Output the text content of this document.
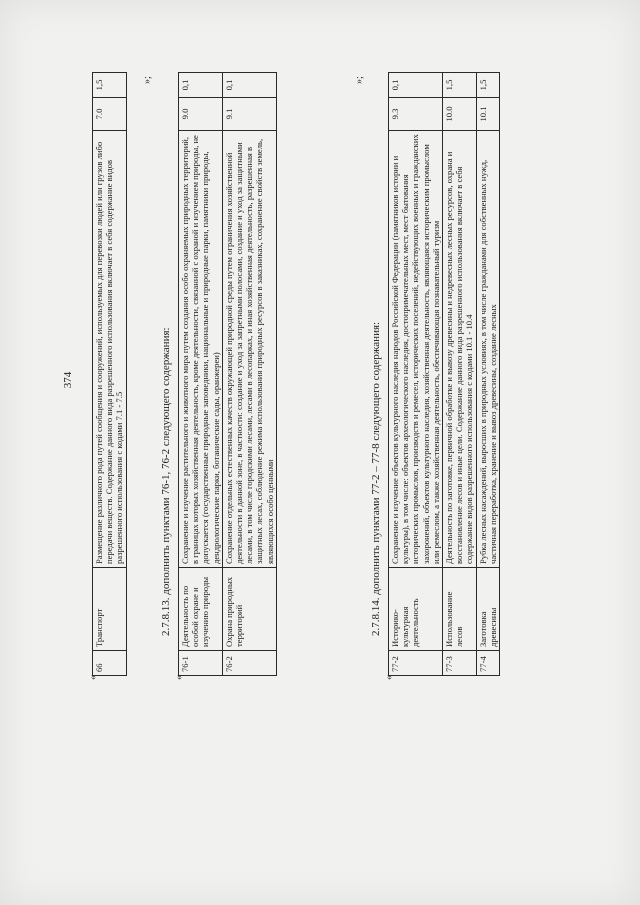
374
«
66	Транспорт	Размещение различного рода путей сообщения и сооружений, используемых для перевозки людей или грузов либо передачи веществ. Содержание данного вида разрешенного использования включает в себя содержание видов разрешенного использования с кодами 7.1 - 7.5	7.0	1,5	»;
2.7.8.13. дополнить пунктами 76-1, 76-2 следующего содержания:
«
76-1	Деятельность по особой охране и изучению природы	Сохранение и изучение растительного и животного мира путем создания особо охраняемых природных территорий, в границах которых хозяйственная деятельность, кроме деятельности, связанной с охраной и изучением природы, не допускается (государственные природные заповедники, национальные и природные парки, памятники природы, дендрологические парки, ботанические сады, оранжереи)	9.0	0,1
76-2	Охрана природных территорий	Сохранение отдельных естественных качеств окружающей природной среды путем ограничения хозяйственной деятельности в данной зоне, в частности: создание и уход за запретными полосами, создание и уход за защитными лесами, в том числе городскими лесами, лесами в лесопарках, и иная хозяйственная деятельность, разрешенная в защитных лесах, соблюдение режима использования природных ресурсов в заказниках, сохранение свойств земель, являющихся особо ценными	9.1	0,1	»;
2.7.8.14. дополнить пунктами 77-2 – 77-8 следующего содержания:
«
77-2	Историко-культурная деятельность	Сохранение и изучение объектов культурного наследия народов Российской Федерации (памятников истории и культуры), в том числе: объектов археологического наследия, достопримечательных мест, мест бытования исторических промыслов, производств и ремесел, исторических поселений, недействующих военных и гражданских захоронений, объектов культурного наследия, хозяйственная деятельность, являющаяся историческим промыслом или ремеслом, а также хозяйственная деятельность, обеспечивающая познавательный туризм	9.3	0,1
77-3	Использование лесов	Деятельность по заготовке, первичной обработке и вывозу древесины и недревесных лесных ресурсов, охрана и восстановление лесов и иные цели. Содержание данного вида разрешенного использования включает в себя содержание видов разрешенного использования с кодами 10.1 - 10.4	10.0	1,5
77-4	Заготовка древесины	Рубка лесных насаждений, выросших в природных условиях, в том числе гражданами для собственных нужд, частичная переработка, хранение и вывоз древесины, создание лесных	10.1	1,5
